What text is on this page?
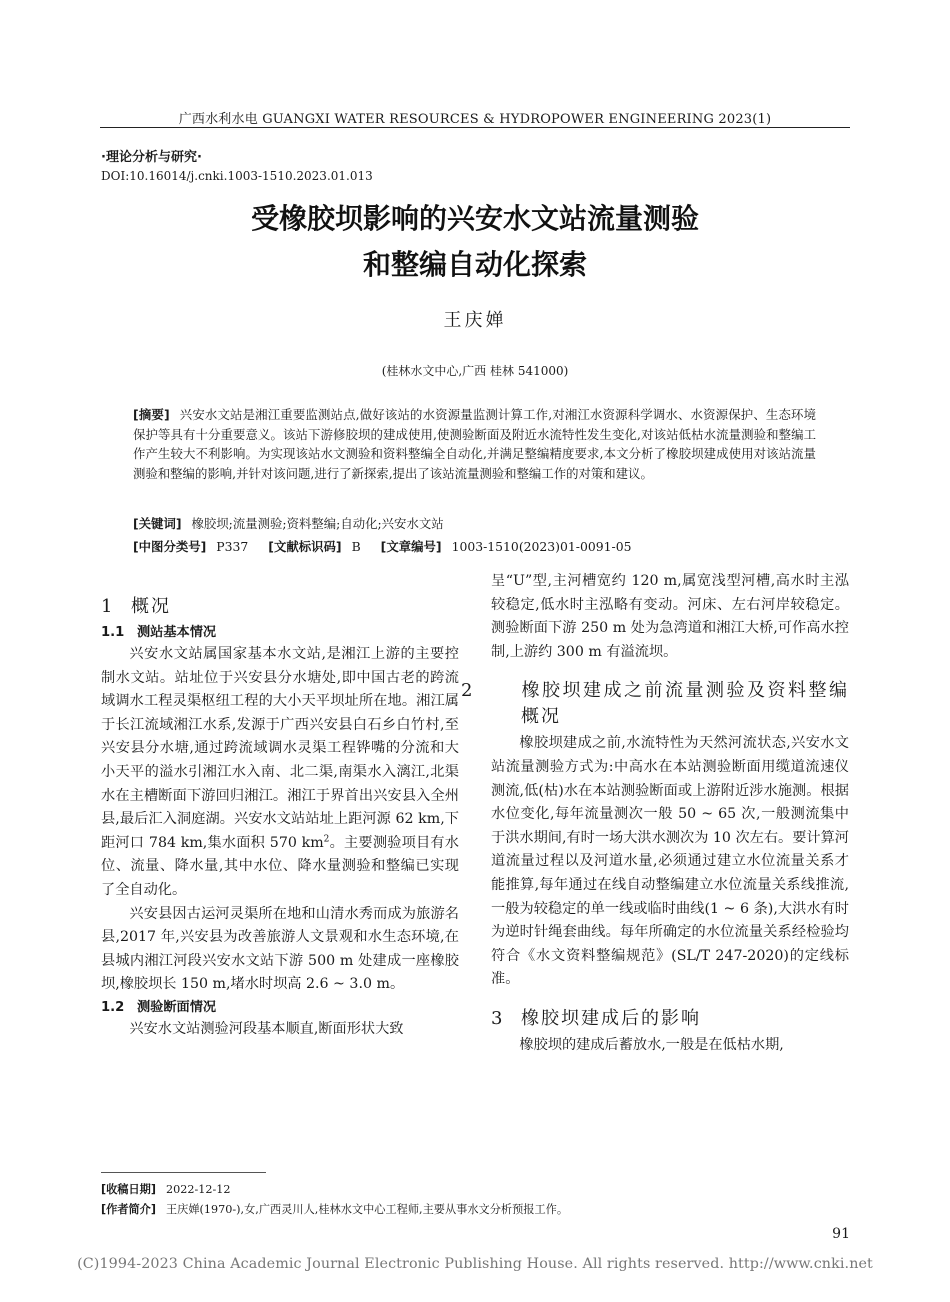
广西水利水电 GUANGXI WATER RESOURCES & HYDROPOWER ENGINEERING 2023(1)
·理论分析与研究·
DOI:10.16014/j.cnki.1003-1510.2023.01.013
受橡胶坝影响的兴安水文站流量测验
和整编自动化探索
王庆婵
(桂林水文中心,广西 桂林 541000)
[摘要] 兴安水文站是湘江重要监测站点,做好该站的水资源量监测计算工作,对湘江水资源科学调水、水资源保护、生态环境保护等具有十分重要意义。该站下游修胶坝的建成使用,使测验断面及附近水流特性发生变化,对该站低枯水流量测验和整编工作产生较大不利影响。为实现该站水文测验和资料整编全自动化,并满足整编精度要求,本文分析了橡胶坝建成使用对该站流量测验和整编的影响,并针对该问题,进行了新探索,提出了该站流量测验和整编工作的对策和建议。
[关键词] 橡胶坝;流量测验;资料整编;自动化;兴安水文站
[中图分类号] P337 [文献标识码] B [文章编号] 1003-1510(2023)01-0091-05
1 概况
1.1 测站基本情况

兴安水文站属国家基本水文站,是湘江上游的主要控制水文站。站址位于兴安县分水塘处,即中国古老的跨流域调水工程灵渠枢纽工程的大小天平坝址所在地。湘江属于长江流域湘江水系,发源于广西兴安县白石乡白竹村,至兴安县分水塘,通过跨流域调水灵渠工程铧嘴的分流和大小天平的溢水引湘江水入南、北二渠,南渠水入漓江,北渠水在主槽断面下游回归湘江。湘江于界首出兴安县入全州县,最后汇入洞庭湖。兴安水文站站址上距河源 62 km,下距河口 784 km,集水面积 570 $km^2$。主要测验项目有水位、流量、降水量,其中水位、降水量测验和整编已实现了全自动化。

兴安县因古运河灵渠所在地和山清水秀而成为旅游名县,2017 年,兴安县为改善旅游人文景观和水生态环境,在县城内湘江河段兴安水文站下游 500 m 处建成一座橡胶坝,橡胶坝长 150 m,堵水时坝高 2.6 ~ 3.0 m。

1.2 测验断面情况

兴安水文站测验河段基本顺直,断面形状大致

呈“U”型,主河槽宽约 120 m,属宽浅型河槽,高水时主泓较稳定,低水时主泓略有变动。河床、左右河岸较稳定。测验断面下游 250 m 处为急湾道和湘江大桥,可作高水控制,上游约 300 m 有溢流坝。

2	橡胶坝建成之前流量测验及资料整编概况

橡胶坝建成之前,水流特性为天然河流状态,兴安水文站流量测验方式为:中高水在本站测验断面用缆道流速仪测流,低(枯)水在本站测验断面或上游附近涉水施测。根据水位变化,每年流量测次一般 50 ~ 65 次,一般测流集中于洪水期间,有时一场大洪水测次为 10 次左右。要计算河道流量过程以及河道水量,必须通过建立水位流量关系才能推算,每年通过在线自动整编建立水位流量关系线推流,一般为较稳定的单一线或临时曲线(1 ~ 6 条),大洪水有时为逆时针绳套曲线。每年所确定的水位流量关系经检验均符合《水文资料整编规范》(SL/T 247-2020)的定线标准。

3 橡胶坝建成后的影响

橡胶坝的建成后蓄放水,一般是在低枯水期,

[收稿日期] 2022-12-12
[作者简介] 王庆婵(1970-),女,广西灵川人,桂林水文中心工程师,主要从事水文分析预报工作。
91
(C)1994-2023 China Academic Journal Electronic Publishing House. All rights reserved. http://www.cnki.net
